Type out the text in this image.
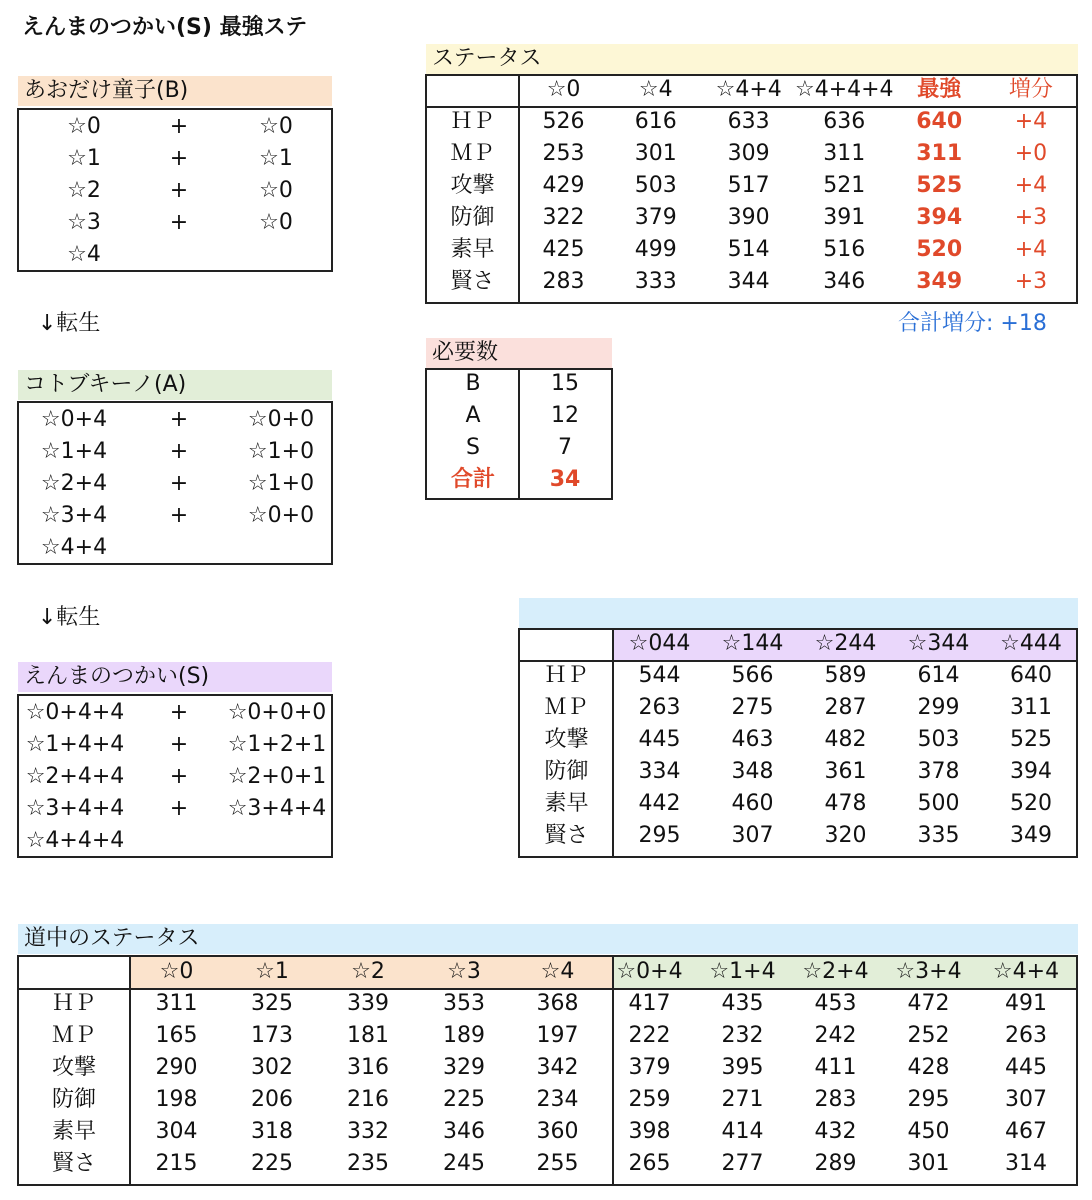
えんまのつかい(S) 最強ステ
あおだけ童子(B)
☆0	+	☆0
☆1	+	☆1
☆2	+	☆0
☆3	+	☆0
☆4
↓転生
コトブキーノ(A)
☆0+4	+	☆0+0
☆1+4	+	☆1+0
☆2+4	+	☆1+0
☆3+4	+	☆0+0
☆4+4
↓転生
えんまのつかい(S)
☆0+4+4	+	☆0+0+0
☆1+4+4	+	☆1+2+1
☆2+4+4	+	☆2+0+1
☆3+4+4	+	☆3+4+4
☆4+4+4
ステータス
	☆0	☆4	☆4+4	☆4+4+4	最強	増分
ＨＰ	526	616	633	636	640	+4
ＭＰ	253	301	309	311	311	+0
攻撃	429	503	517	521	525	+4
防御	322	379	390	391	394	+3
素早	425	499	514	516	520	+4
賢さ	283	333	344	346	349	+3
合計増分: +18
必要数
B	15
A	12
S	7
合計	34
	☆044	☆144	☆244	☆344	☆444
ＨＰ	544	566	589	614	640
ＭＰ	263	275	287	299	311
攻撃	445	463	482	503	525
防御	334	348	361	378	394
素早	442	460	478	500	520
賢さ	295	307	320	335	349
道中のステータス
	☆0	☆1	☆2	☆3	☆4	☆0+4	☆1+4	☆2+4	☆3+4	☆4+4
ＨＰ	311	325	339	353	368	417	435	453	472	491
ＭＰ	165	173	181	189	197	222	232	242	252	263
攻撃	290	302	316	329	342	379	395	411	428	445
防御	198	206	216	225	234	259	271	283	295	307
素早	304	318	332	346	360	398	414	432	450	467
賢さ	215	225	235	245	255	265	277	289	301	314
